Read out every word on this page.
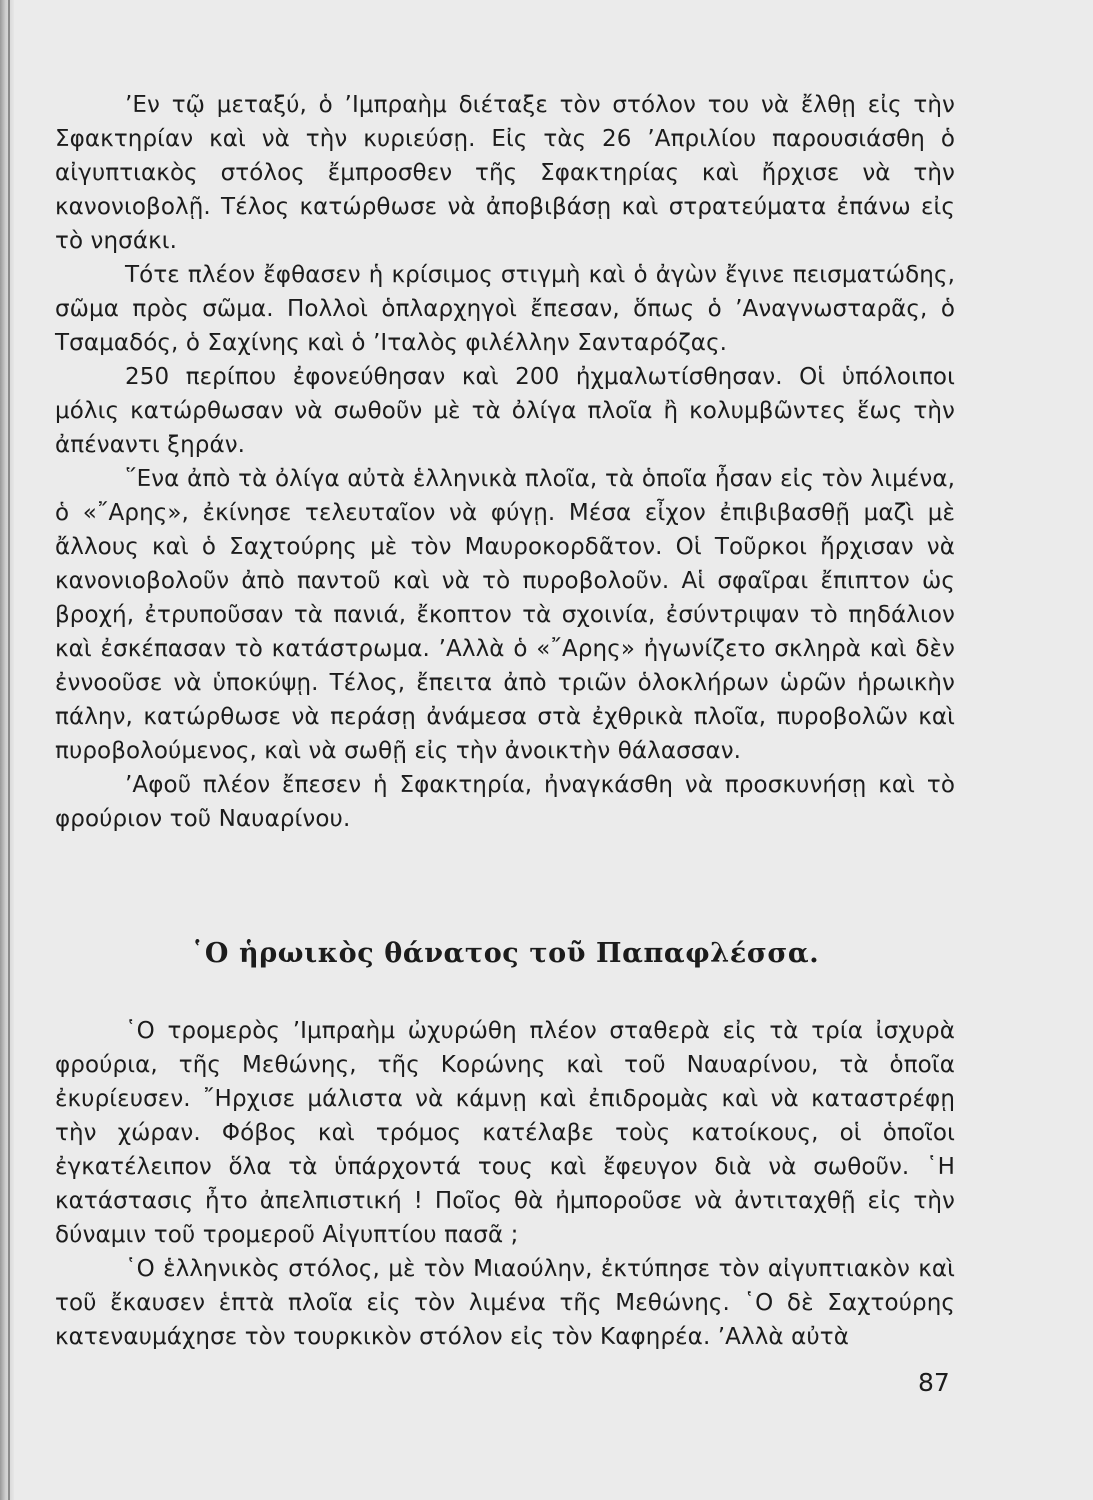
’Εν τῷ μεταξύ, ὁ ’Ιμπραὴμ διέταξε τὸν στόλον του νὰ ἔλθῃ εἰς τὴν Σφακτηρίαν καὶ νὰ τὴν κυριεύσῃ. Εἰς τὰς 26 ’Απριλίου παρουσιάσθη ὁ αἰγυπτιακὸς στόλος ἔμπροσθεν τῆς Σφακτηρίας καὶ ἤρχισε νὰ τὴν κανονιοβολῇ. Τέλος κατώρθωσε νὰ ἀποβιβάσῃ καὶ στρατεύματα ἐπάνω εἰς τὸ νησάκι.

Τότε πλέον ἔφθασεν ἡ κρίσιμος στιγμὴ καὶ ὁ ἀγὼν ἔγινε πεισματώδης, σῶμα πρὸς σῶμα. Πολλοὶ ὁπλαρχηγοὶ ἔπεσαν, ὅπως ὁ ’Αναγνωσταρᾶς, ὁ Τσαμαδός, ὁ Σαχίνης καὶ ὁ ’Ιταλὸς φιλέλλην Σανταρόζας.

250 περίπου ἐφονεύθησαν καὶ 200 ἠχμαλωτίσθησαν. Οἱ ὑπόλοιποι μόλις κατώρθωσαν νὰ σωθοῦν μὲ τὰ ὀλίγα πλοῖα ἢ κολυμβῶντες ἕως τὴν ἀπέναντι ξηράν.

῞Ενα ἀπὸ τὰ ὀλίγα αὐτὰ ἑλληνικὰ πλοῖα, τὰ ὁποῖα ἦσαν εἰς τὸν λιμένα, ὁ «῎Αρης», ἐκίνησε τελευταῖον νὰ φύγῃ. Μέσα εἶχον ἐπιβιβασθῇ μαζὶ μὲ ἄλλους καὶ ὁ Σαχτούρης μὲ τὸν Μαυροκορδᾶτον. Οἱ Τοῦρκοι ἤρχισαν νὰ κανονιοβολοῦν ἀπὸ παντοῦ καὶ νὰ τὸ πυροβολοῦν. Αἱ σφαῖραι ἔπιπτον ὡς βροχή, ἐτρυποῦσαν τὰ πανιά, ἔκοπτον τὰ σχοινία, ἐσύντριψαν τὸ πηδάλιον καὶ ἐσκέπασαν τὸ κατάστρωμα. ’Αλλὰ ὁ «῎Αρης» ἠγωνίζετο σκληρὰ καὶ δὲν ἐννοοῦσε νὰ ὑποκύψῃ. Τέλος, ἔπειτα ἀπὸ τριῶν ὁλοκλήρων ὡρῶν ἡρωικὴν πάλην, κατώρθωσε νὰ περάσῃ ἀνάμεσα στὰ ἐχθρικὰ πλοῖα, πυροβολῶν καὶ πυροβολούμενος, καὶ νὰ σωθῇ εἰς τὴν ἀνοικτὴν θάλασσαν.

’Αφοῦ πλέον ἔπεσεν ἡ Σφακτηρία, ἠναγκάσθη νὰ προσκυνήσῃ καὶ τὸ φρούριον τοῦ Ναυαρίνου.

῾Ο ἡρωικὸς θάνατος τοῦ Παπαφλέσσα.

῾Ο τρομερὸς ’Ιμπραὴμ ὠχυρώθη πλέον σταθερὰ εἰς τὰ τρία ἰσχυρὰ φρούρια, τῆς Μεθώνης, τῆς Κορώνης καὶ τοῦ Ναυαρίνου, τὰ ὁποῖα ἐκυρίευσεν. ῎Ηρχισε μάλιστα νὰ κάμνῃ καὶ ἐπιδρομὰς καὶ νὰ καταστρέφῃ τὴν χώραν. Φόβος καὶ τρόμος κατέλαβε τοὺς κατοίκους, οἱ ὁποῖοι ἐγκατέλειπον ὅλα τὰ ὑπάρχοντά τους καὶ ἔφευγον διὰ νὰ σωθοῦν. ῾Η κατάστασις ἦτο ἀπελπιστική ! Ποῖος θὰ ἠμποροῦσε νὰ ἀντιταχθῇ εἰς τὴν δύναμιν τοῦ τρομεροῦ Αἰγυπτίου πασᾶ ;

῾Ο ἑλληνικὸς στόλος, μὲ τὸν Μιαούλην, ἐκτύπησε τὸν αἰγυπτιακὸν καὶ τοῦ ἔκαυσεν ἑπτὰ πλοῖα εἰς τὸν λιμένα τῆς Μεθώνης. ῾Ο δὲ Σαχτούρης κατεναυμάχησε τὸν τουρκικὸν στόλον εἰς τὸν Καφηρέα. ’Αλλὰ αὐτὰ

87
